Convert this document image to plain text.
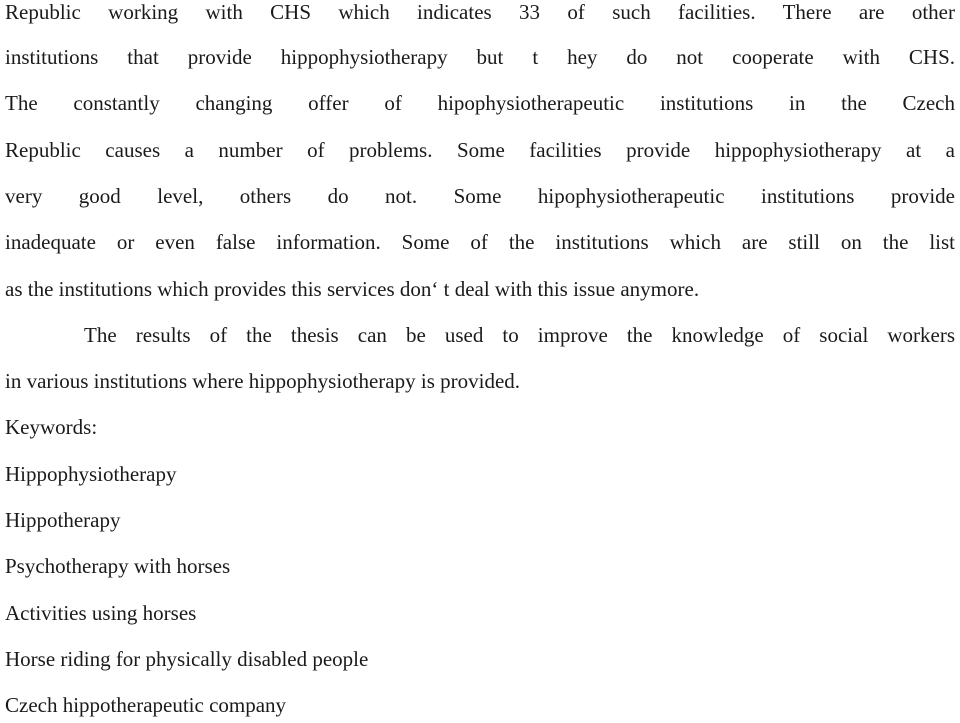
Republic working with CHS which indicates 33 of such facilities. There are other
institutions that provide hippophysiotherapy but t hey do not cooperate with CHS.
The constantly changing offer of hipophysiotherapeutic institutions in the Czech
Republic causes a number of problems. Some facilities provide hippophysiotherapy at a
very good level, others do not. Some hipophysiotherapeutic institutions provide
inadequate or even false information. Some of the institutions which are still on the list
as the institutions which provides this services don‘ t deal with this issue anymore.
The results of the thesis can be used to improve the knowledge of social workers
in various institutions where hippophysiotherapy is provided.
Keywords:
Hippophysiotherapy
Hippotherapy
Psychotherapy with horses
Activities using horses
Horse riding for physically disabled people
Czech hippotherapeutic company
